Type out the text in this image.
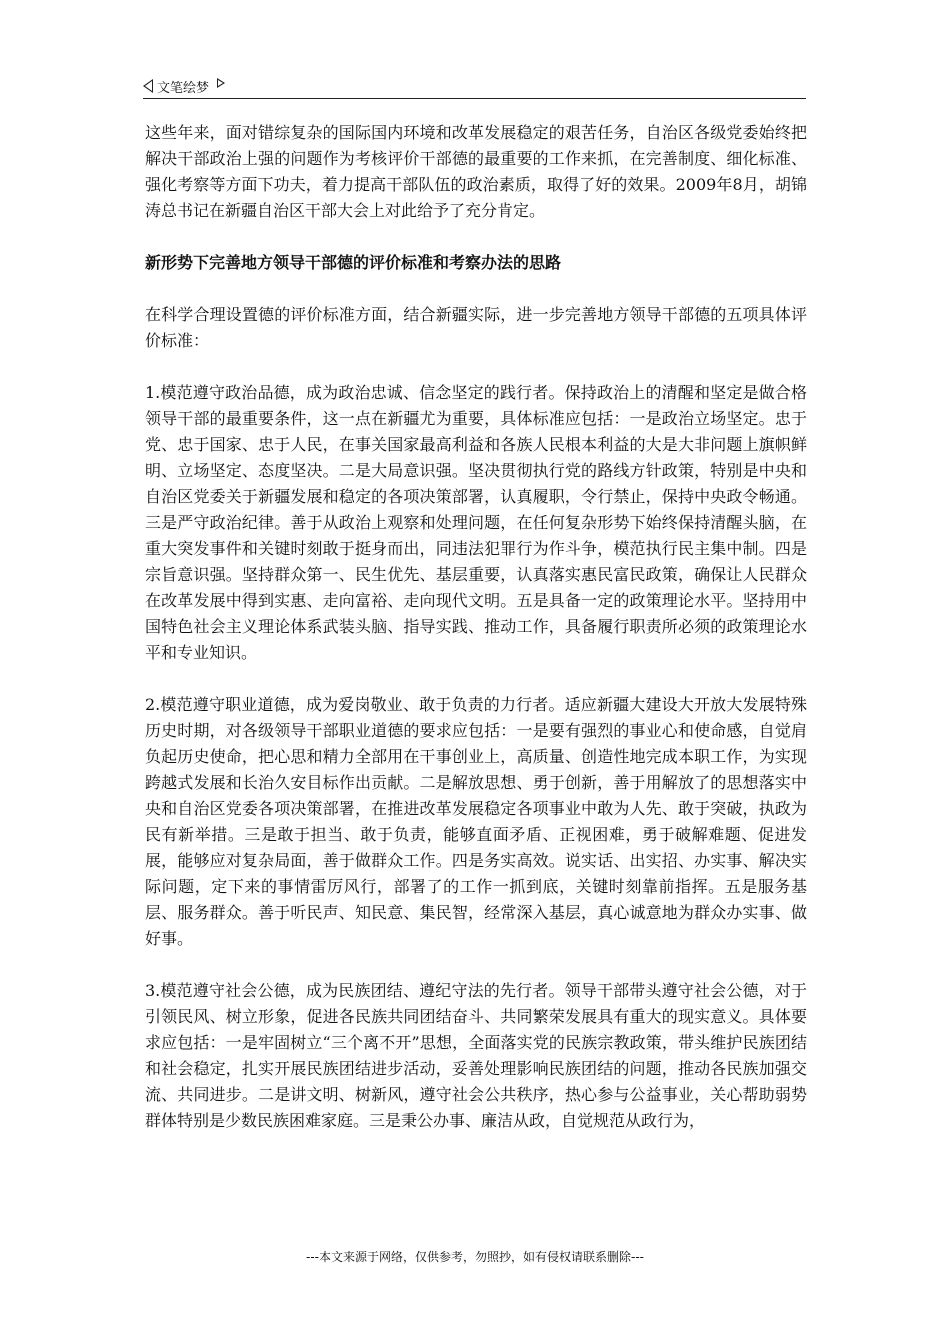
文笔绘梦

这些年来，面对错综复杂的国际国内环境和改革发展稳定的艰苦任务，自治区各级党委始终把解决干部政治上强的问题作为考核评价干部德的最重要的工作来抓，在完善制度、细化标准、强化考察等方面下功夫，着力提高干部队伍的政治素质，取得了好的效果。2009年8月，胡锦涛总书记在新疆自治区干部大会上对此给予了充分肯定。

新形势下完善地方领导干部德的评价标准和考察办法的思路

在科学合理设置德的评价标准方面，结合新疆实际，进一步完善地方领导干部德的五项具体评价标准：

1.模范遵守政治品德，成为政治忠诚、信念坚定的践行者。保持政治上的清醒和坚定是做合格领导干部的最重要条件，这一点在新疆尤为重要，具体标准应包括：一是政治立场坚定。忠于党、忠于国家、忠于人民，在事关国家最高利益和各族人民根本利益的大是大非问题上旗帜鲜明、立场坚定、态度坚决。二是大局意识强。坚决贯彻执行党的路线方针政策，特别是中央和自治区党委关于新疆发展和稳定的各项决策部署，认真履职，令行禁止，保持中央政令畅通。三是严守政治纪律。善于从政治上观察和处理问题，在任何复杂形势下始终保持清醒头脑，在重大突发事件和关键时刻敢于挺身而出，同违法犯罪行为作斗争，模范执行民主集中制。四是宗旨意识强。坚持群众第一、民生优先、基层重要，认真落实惠民富民政策，确保让人民群众在改革发展中得到实惠、走向富裕、走向现代文明。五是具备一定的政策理论水平。坚持用中国特色社会主义理论体系武装头脑、指导实践、推动工作，具备履行职责所必须的政策理论水平和专业知识。

2.模范遵守职业道德，成为爱岗敬业、敢于负责的力行者。适应新疆大建设大开放大发展特殊历史时期，对各级领导干部职业道德的要求应包括：一是要有强烈的事业心和使命感，自觉肩负起历史使命，把心思和精力全部用在干事创业上，高质量、创造性地完成本职工作，为实现跨越式发展和长治久安目标作出贡献。二是解放思想、勇于创新，善于用解放了的思想落实中央和自治区党委各项决策部署，在推进改革发展稳定各项事业中敢为人先、敢于突破，执政为民有新举措。三是敢于担当、敢于负责，能够直面矛盾、正视困难，勇于破解难题、促进发展，能够应对复杂局面，善于做群众工作。四是务实高效。说实话、出实招、办实事、解决实际问题，定下来的事情雷厉风行，部署了的工作一抓到底，关键时刻靠前指挥。五是服务基层、服务群众。善于听民声、知民意、集民智，经常深入基层，真心诚意地为群众办实事、做好事。

3.模范遵守社会公德，成为民族团结、遵纪守法的先行者。领导干部带头遵守社会公德，对于引领民风、树立形象，促进各民族共同团结奋斗、共同繁荣发展具有重大的现实意义。具体要求应包括：一是牢固树立“三个离不开”思想，全面落实党的民族宗教政策，带头维护民族团结和社会稳定，扎实开展民族团结进步活动，妥善处理影响民族团结的问题，推动各民族加强交流、共同进步。二是讲文明、树新风，遵守社会公共秩序，热心参与公益事业，关心帮助弱势群体特别是少数民族困难家庭。三是秉公办事、廉洁从政，自觉规范从政行为，

---本文来源于网络，仅供参考，勿照抄，如有侵权请联系删除---
